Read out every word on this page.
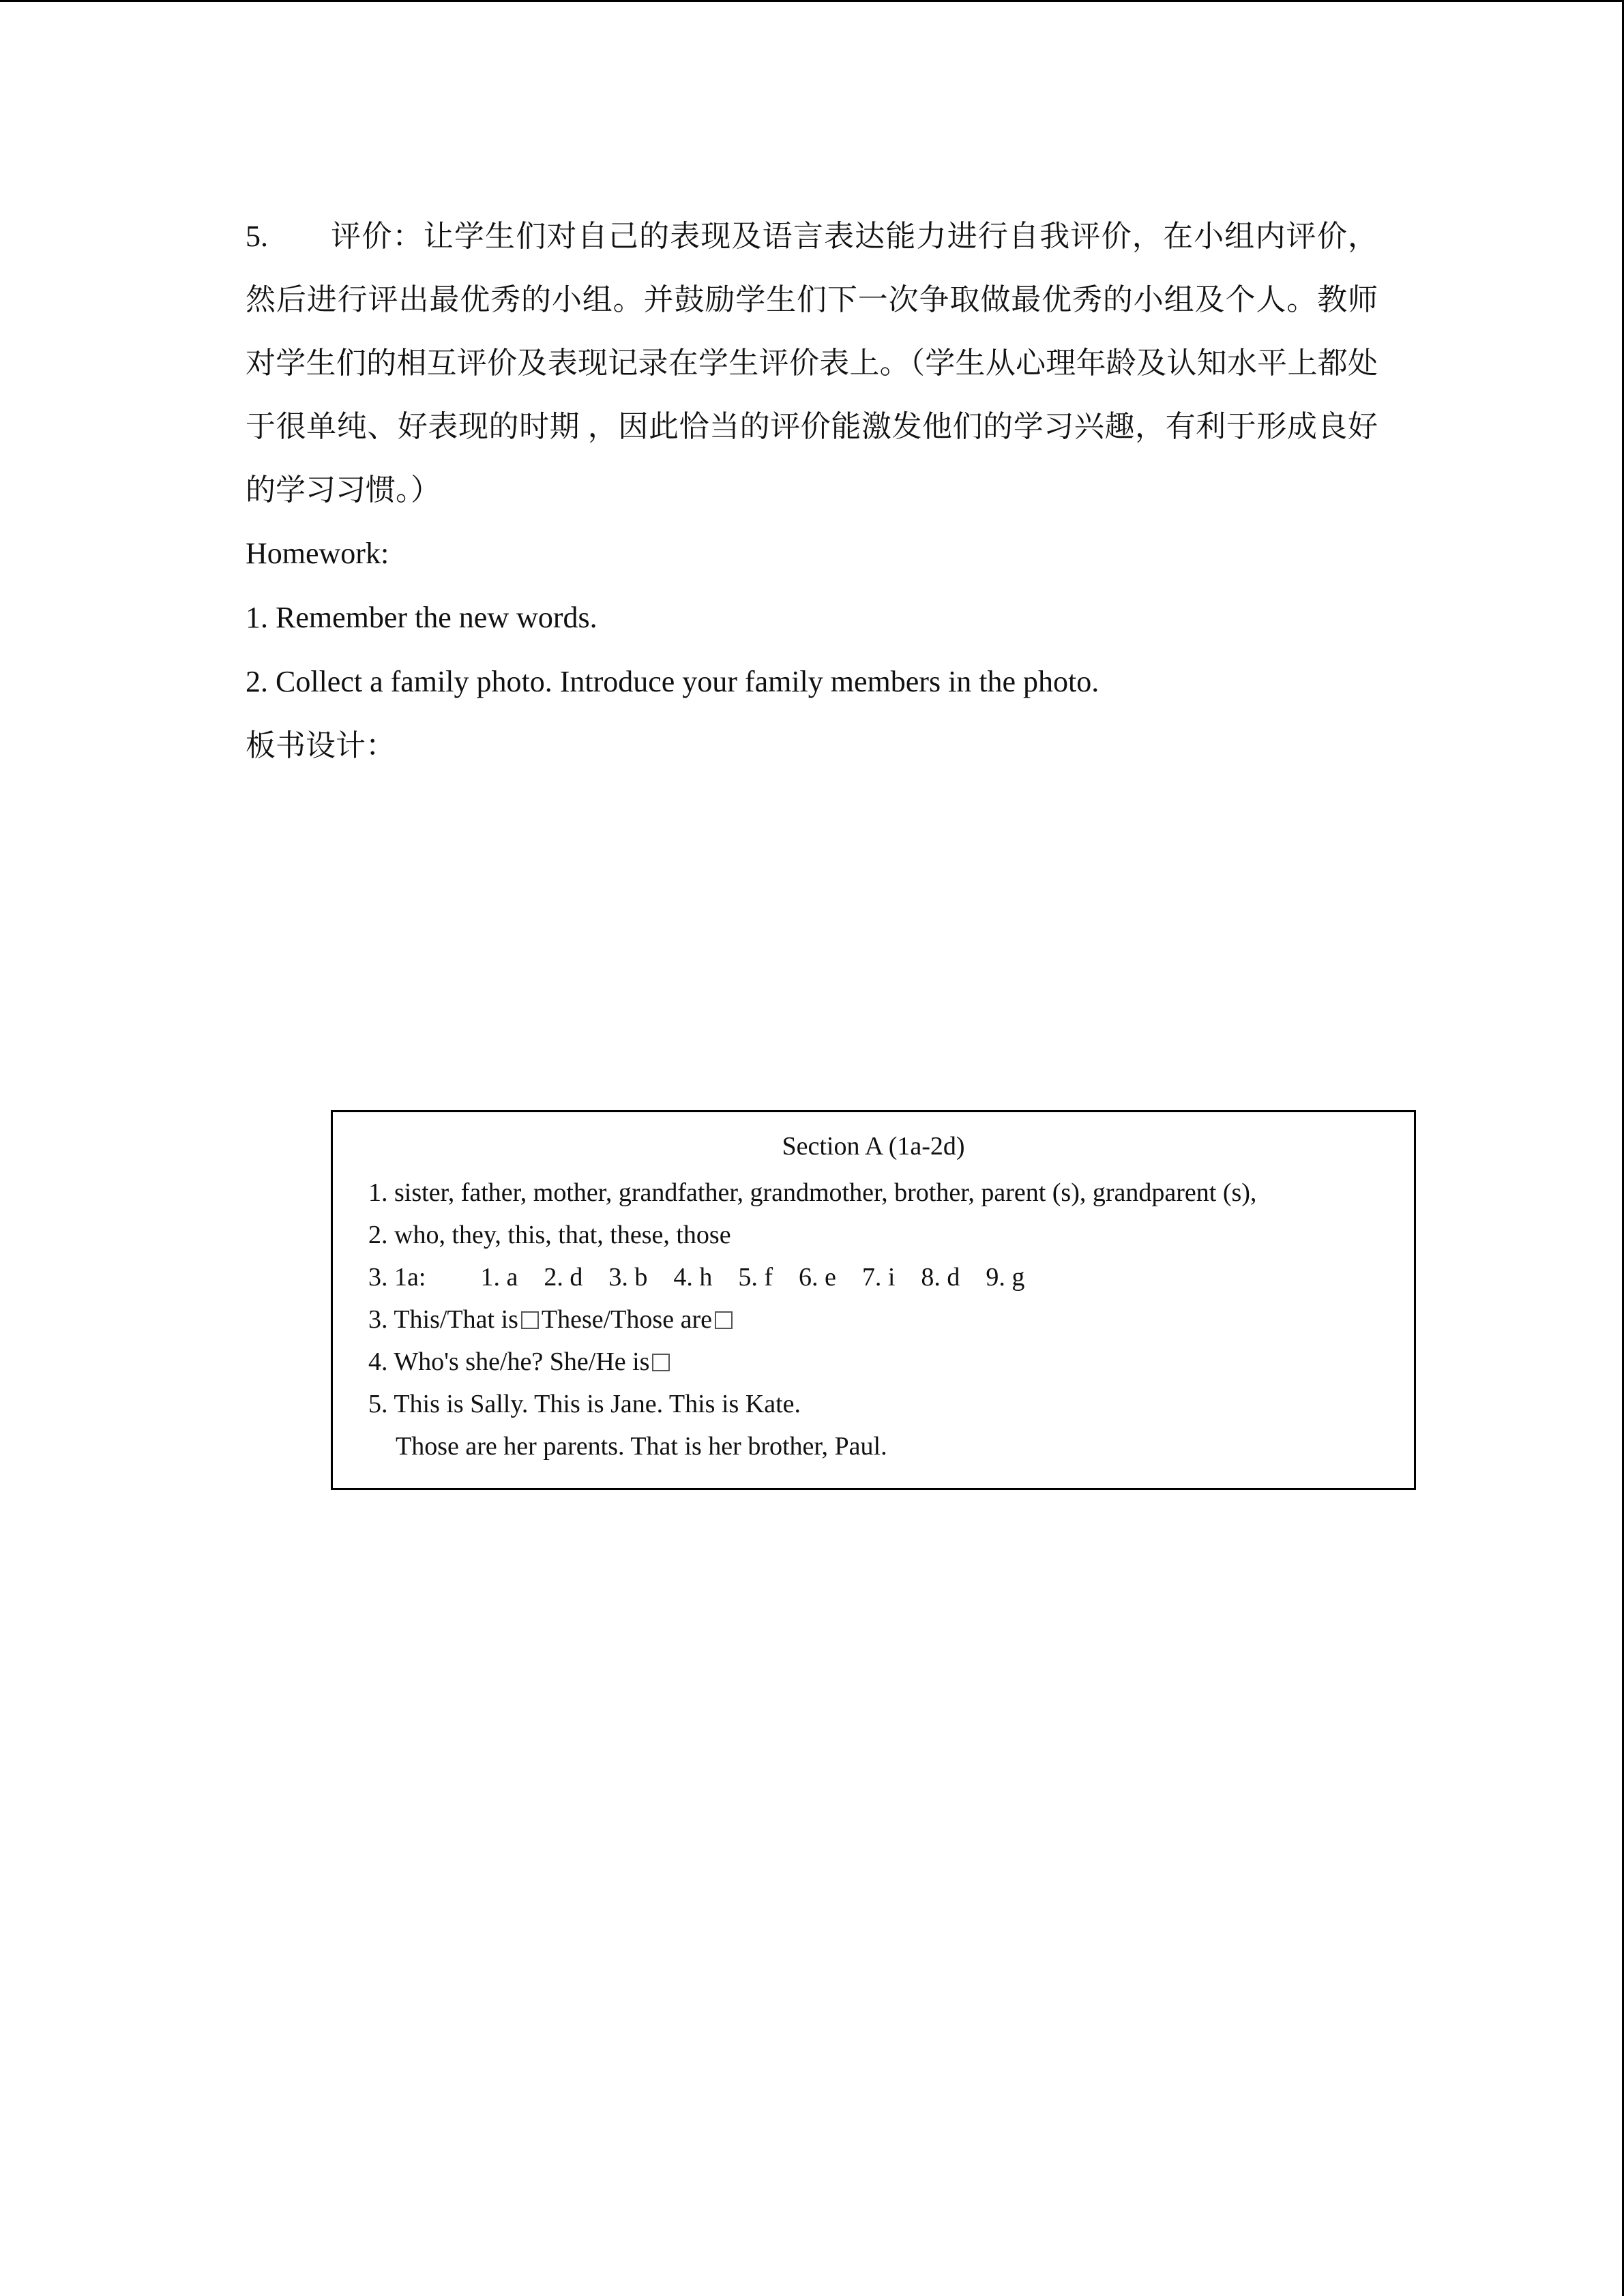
5. 评价：让学生们对自己的表现及语言表达能力进行自我评价，在小组内评价，然后进行评出最优秀的小组。并鼓励学生们下一次争取做最优秀的小组及个人。教师对学生们的相互评价及表现记录在学生评价表上。（学生从心理年龄及认知水平上都处于很单纯、好表现的时期 ，因此恰当的评价能激发他们的学习兴趣，有利于形成良好的学习习惯。）

Homework:

1. Remember the new words.

2. Collect a family photo. Introduce your family members in the photo.

板书设计：

Section A (1a-2d)
1. sister, father, mother, grandfather, grandmother, brother, parent (s), grandparent (s),
2. who, they, this, that, these, those
3. 1a: 1. a 2. d 3. b 4. h 5. f 6. e 7. i 8. d 9. g
3. This/That is These/Those are
4. Who's she/he? She/He is
5. This is Sally. This is Jane. This is Kate.
Those are her parents. That is her brother, Paul.
